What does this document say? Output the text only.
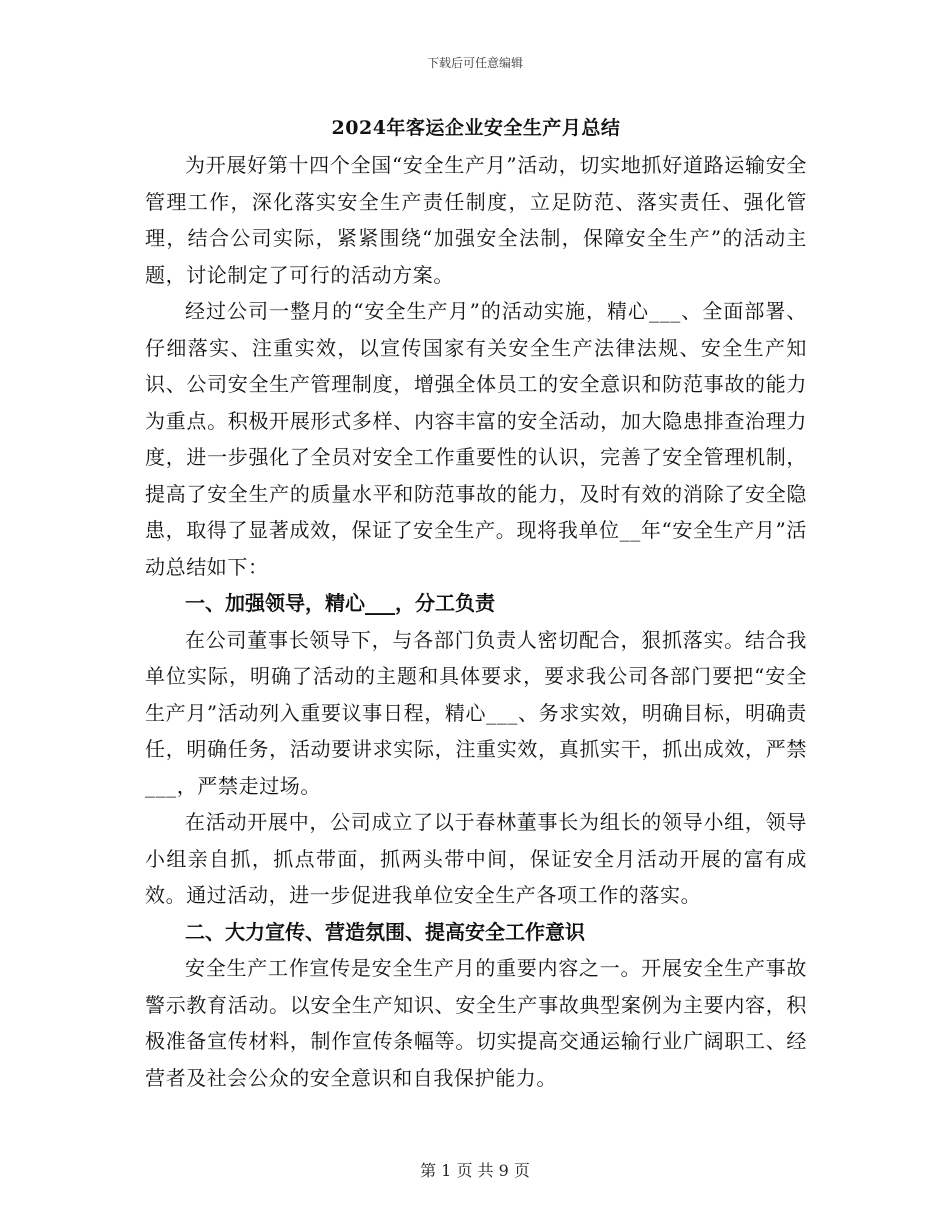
下载后可任意编辑
2024年客运企业安全生产月总结

为开展好第十四个全国“安全生产月”活动，切实地抓好道路运输安全管理工作，深化落实安全生产责任制度，立足防范、落实责任、强化管理，结合公司实际，紧紧围绕“加强安全法制，保障安全生产”的活动主题，讨论制定了可行的活动方案。

经过公司一整月的“安全生产月”的活动实施，精心___、全面部署、仔细落实、注重实效，以宣传国家有关安全生产法律法规、安全生产知识、公司安全生产管理制度，增强全体员工的安全意识和防范事故的能力为重点。积极开展形式多样、内容丰富的安全活动，加大隐患排查治理力度，进一步强化了全员对安全工作重要性的认识，完善了安全管理机制，提高了安全生产的质量水平和防范事故的能力，及时有效的消除了安全隐患，取得了显著成效，保证了安全生产。现将我单位__年“安全生产月”活动总结如下：

一、加强领导，精心___，分工负责

在公司董事长领导下，与各部门负责人密切配合，狠抓落实。结合我单位实际，明确了活动的主题和具体要求，要求我公司各部门要把“安全生产月”活动列入重要议事日程，精心___、务求实效，明确目标，明确责任，明确任务，活动要讲求实际，注重实效，真抓实干，抓出成效，严禁___，严禁走过场。

在活动开展中，公司成立了以于春林董事长为组长的领导小组，领导小组亲自抓，抓点带面，抓两头带中间，保证安全月活动开展的富有成效。通过活动，进一步促进我单位安全生产各项工作的落实。

二、大力宣传、营造氛围、提高安全工作意识

安全生产工作宣传是安全生产月的重要内容之一。开展安全生产事故警示教育活动。以安全生产知识、安全生产事故典型案例为主要内容，积极准备宣传材料，制作宣传条幅等。切实提高交通运输行业广阔职工、经营者及社会公众的安全意识和自我保护能力。

第 1 页 共 9 页
